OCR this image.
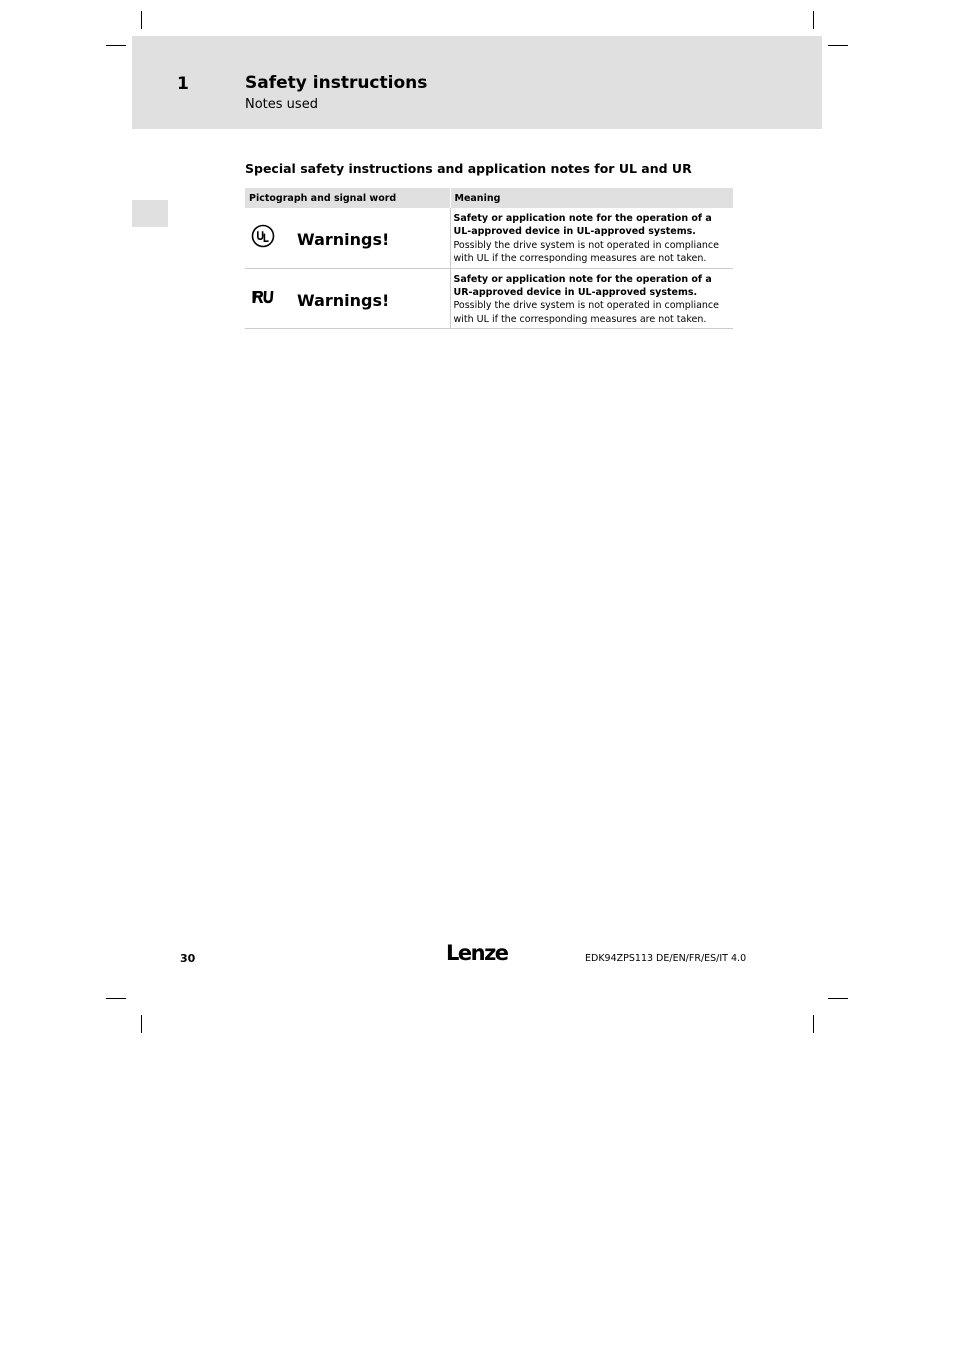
1	Safety instructions
Notes used
Special safety instructions and application notes for UL and UR
Pictograph and signal word	Meaning

Warnings!	Safety or application note for the operation of a
UL-approved device in UL-approved systems.
Possibly the drive system is not operated in compliance
with UL if the corresponding measures are not taken.

Warnings!	Safety or application note for the operation of a
UR-approved device in UL-approved systems.
Possibly the drive system is not operated in compliance
with UL if the corresponding measures are not taken.
30	Lenze	EDK94ZPS113 DE/EN/FR/ES/IT 4.0
